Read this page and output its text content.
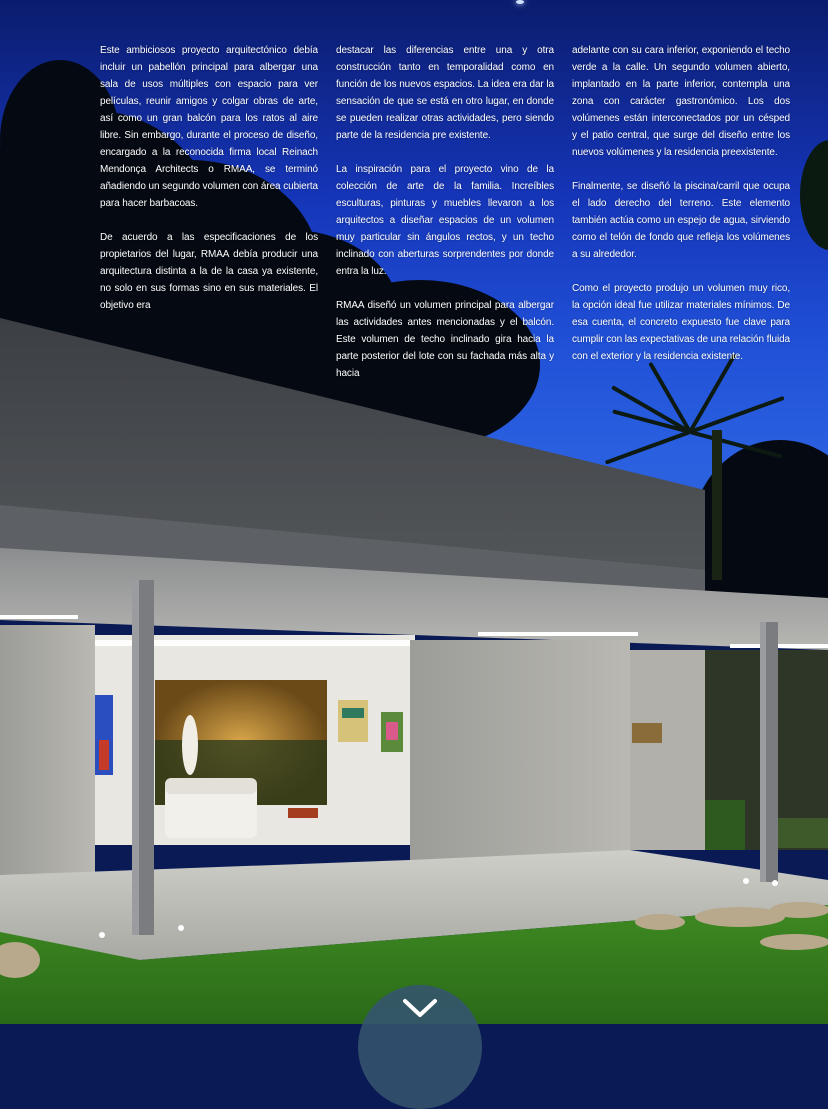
Este ambiciosos proyecto arquitectónico debía incluir un pabellón principal para albergar una sala de usos múltiples con espacio para ver películas, reunir amigos y colgar obras de arte, así como un gran balcón para los ratos al aire libre. Sin embargo, durante el proceso de diseño, encargado a la reconocida firma local Reinach Mendonça Architects o RMAA, se terminó añadiendo un segundo volumen con área cubierta para hacer barbacoas.

De acuerdo a las especificaciones de los propietarios del lugar, RMAA debía producir una arquitectura distinta a la de la casa ya existente, no solo en sus formas sino en sus materiales. El objetivo era

destacar las diferencias entre una y otra construcción tanto en temporalidad como en función de los nuevos espacios. La idea era dar la sensación de que se está en otro lugar, en donde se pueden realizar otras actividades, pero siendo parte de la residencia pre existente.

La inspiración para el proyecto vino de la colección de arte de la familia. Increíbles esculturas, pinturas y muebles llevaron a los arquitectos a diseñar espacios de un volumen muy particular sin ángulos rectos, y un techo inclinado con aberturas sorprendentes por donde entra la luz.

RMAA diseñó un volumen principal para albergar las actividades antes mencionadas y el balcón. Este volumen de techo inclinado gira hacia la parte posterior del lote con su fachada más alta y hacia

adelante con su cara inferior, exponiendo el techo verde a la calle. Un segundo volumen abierto, implantado en la parte inferior, contempla una zona con carácter gastronómico. Los dos volúmenes están interconectados por un césped y el patio central, que surge del diseño entre los nuevos volúmenes y la residencia preexistente.

Finalmente, se diseñó la piscina/carril que ocupa el lado derecho del terreno. Este elemento también actúa como un espejo de agua, sirviendo como el telón de fondo que refleja los volúmenes a su alrededor.

Como el proyecto produjo un volumen muy rico, la opción ideal fue utilizar materiales mínimos. De esa cuenta, el concreto expuesto fue clave para cumplir con las expectativas de una relación fluida con el exterior y la residencia existente.
